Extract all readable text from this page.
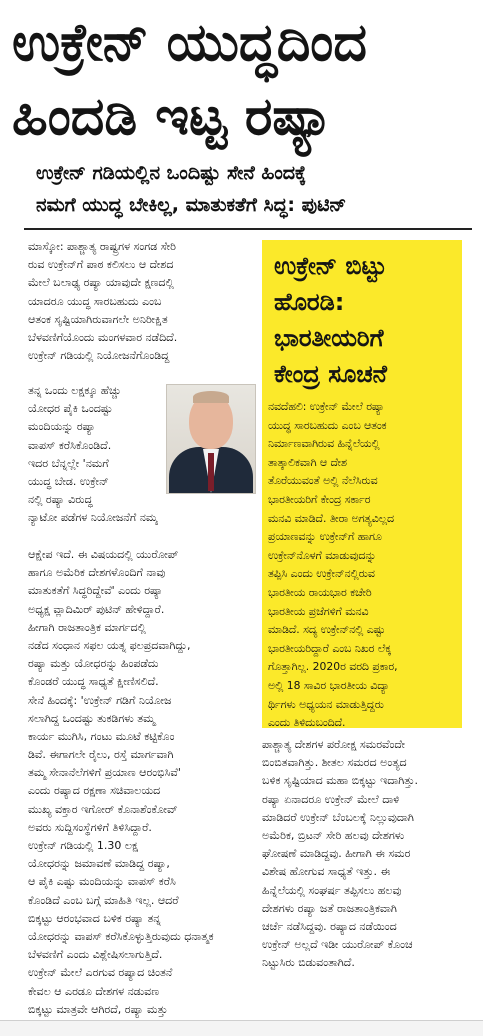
ಉಕ್ರೇನ್ ಯುದ್ಧದಿಂದ
ಹಿಂದಡಿ ಇಟ್ಟ ರಷ್ಯಾ
ಉಕ್ರೇನ್ ಗಡಿಯಲ್ಲಿನ ಒಂದಿಷ್ಟು ಸೇನೆ ಹಿಂದಕ್ಕೆ
ನಮಗೆ ಯುದ್ಧ ಬೇಕಿಲ್ಲ, ಮಾತುಕತೆಗೆ ಸಿದ್ಧ: ಪುಟಿನ್
ಮಾಸ್ಕೋ: ಪಾಶ್ಚಾತ್ಯ ರಾಷ್ಟ್ರಗಳ ಸಂಗಡ ಸೇರಿ
ರುವ ಉಕ್ರೇನ್‌ಗೆ ಪಾಠ ಕಲಿಸಲು ಆ ದೇಶದ
ಮೇಲೆ ಬಲಾಢ್ಯ ರಷ್ಯಾ ಯಾವುದೇ ಕ್ಷಣದಲ್ಲಿ
ಯಾದರೂ ಯುದ್ಧ ಸಾರಬಹುದು ಎಂಬ
ಆತಂಕ ಸೃಷ್ಟಿಯಾಗಿರುವಾಗಲೇ ಅನಿರೀಕ್ಷಿತ
ಬೆಳವಣಿಗೆಯೊಂದು ಮಂಗಳವಾರ ನಡೆದಿದೆ.
ಉಕ್ರೇನ್ ಗಡಿಯಲ್ಲಿ ನಿಯೋಜನೆಗೊಂಡಿದ್ದ
ತನ್ನ ಒಂದು ಲಕ್ಷಕ್ಕೂ ಹೆಚ್ಚು
ಯೋಧರ ಪೈಕಿ ಒಂದಷ್ಟು
ಮಂದಿಯನ್ನು ರಷ್ಯಾ
ವಾಪಸ್ ಕರೆಸಿಕೊಂಡಿದೆ.
ಇದರ ಬೆನ್ನಲ್ಲೇ 'ನಮಗೆ
ಯುದ್ಧ ಬೇಡ. ಉಕ್ರೇನ್
ನಲ್ಲಿ ರಷ್ಯಾ ವಿರುದ್ಧ
ನ್ಯಾಟೋ ಪಡೆಗಳ ನಿಯೋಜನೆಗೆ ನಮ್ಮ
ಆಕ್ಷೇಪ ಇದೆ. ಈ ವಿಷಯದಲ್ಲಿ ಯುರೋಪ್
ಹಾಗೂ ಅಮೆರಿಕ ದೇಶಗಳೊಂದಿಗೆ ನಾವು
ಮಾತುಕತೆಗೆ ಸಿದ್ಧರಿದ್ದೇವೆ' ಎಂದು ರಷ್ಯಾ
ಅಧ್ಯಕ್ಷ ವ್ಲಾದಿಮಿರ್ ಪುಟಿನ್ ಹೇಳಿದ್ದಾರೆ.
ಹೀಗಾಗಿ ರಾಜತಾಂತ್ರಿಕ ಮಾರ್ಗದಲ್ಲಿ
ನಡೆದ ಸಂಧಾನ ಸಫಲ ಯತ್ನ ಫಲಪ್ರದವಾಗಿದ್ದು,
ರಷ್ಯಾ ಮತ್ತು ಯೋಧರನ್ನು ಹಿಂಪಡೆದು
ಕೊಂಡರೆ ಯುದ್ಧ ಸಾಧ್ಯತೆ ಕ್ಷೀಣಿಸಲಿದೆ.
ಸೇನೆ ಹಿಂದಕ್ಕೆ: 'ಉಕ್ರೇನ್ ಗಡಿಗೆ ನಿಯೋಜ
ಸಲಾಗಿದ್ದ ಒಂದಷ್ಟು ತುಕಡಿಗಳು ತಮ್ಮ
ಕಾರ್ಯ ಮುಗಿಸಿ, ಗಂಟು ಮೂಟೆ ಕಟ್ಟಿಕೊಂ
ಡಿವೆ. ಈಗಾಗಲೇ ರೈಲು, ರಸ್ತೆ ಮಾರ್ಗವಾಗಿ
ತಮ್ಮ ಸೇನಾನೆಲೆಗಳಿಗೆ ಪ್ರಯಾಣ ಆರಂಭಿಸಿವೆ'
ಎಂದು ರಷ್ಯಾದ ರಕ್ಷಣಾ ಸಚಿವಾಲಯದ
ಮುಖ್ಯ ವಕ್ತಾರ ಇಗೋರ್ ಕೊನಾಶೆಂಕೋವ್
ಅವರು ಸುದ್ದಿಸಂಸ್ಥೆಗಳಿಗೆ ತಿಳಿಸಿದ್ದಾರೆ.
ಉಕ್ರೇನ್ ಗಡಿಯಲ್ಲಿ 1.30 ಲಕ್ಷ
ಯೋಧರನ್ನು ಜಮಾವಣೆ ಮಾಡಿದ್ದ ರಷ್ಯಾ,
ಆ ಪೈಕಿ ಎಷ್ಟು ಮಂದಿಯನ್ನು ವಾಪಸ್ ಕರೆಸಿ
ಕೊಂಡಿದೆ ಎಂಬ ಬಗ್ಗೆ ಮಾಹಿತಿ ಇಲ್ಲ. ಆದರೆ
ಬಿಕ್ಕಟ್ಟು ಆರಂಭವಾದ ಬಳಿಕ ರಷ್ಯಾ ತನ್ನ
ಯೋಧರನ್ನು ವಾಪಸ್ ಕರೆಸಿಕೊಳ್ಳುತ್ತಿರುವುದು ಧನಾತ್ಮಕ
ಬೆಳವಣಿಗೆ ಎಂದು ವಿಶ್ಲೇಷಿಸಲಾಗುತ್ತಿದೆ.
ಉಕ್ರೇನ್ ಮೇಲೆ ಎರಗುವ ರಷ್ಯಾದ ಚಿಂತನೆ
ಕೇವಲ ಆ ಎರಡೂ ದೇಶಗಳ ನಡುವಣ
ಬಿಕ್ಕಟ್ಟು ಮಾತ್ರವೇ ಆಗಿರದೆ, ರಷ್ಯಾ ಮತ್ತು
ಪಾಶ್ಚಾತ್ಯ ದೇಶಗಳ ಪರೋಕ್ಷ ಸಮರವೆಂದೇ
ಬಿಂಬಿತವಾಗಿತ್ತು. ಶೀತಲ ಸಮರದ ಅಂತ್ಯದ
ಬಳಿಕ ಸೃಷ್ಟಿಯಾದ ಮಹಾ ಬಿಕ್ಕಟ್ಟು ಇದಾಗಿತ್ತು.
ರಷ್ಯಾ ಏನಾದರೂ ಉಕ್ರೇನ್ ಮೇಲೆ ದಾಳಿ
ಮಾಡಿದರೆ ಉಕ್ರೇನ್ ಬೆಂಬಲಕ್ಕೆ ನಿಲ್ಲುವುದಾಗಿ
ಅಮೆರಿಕ, ಬ್ರಿಟನ್ ಸೇರಿ ಹಲವು ದೇಶಗಳು
ಘೋಷಣೆ ಮಾಡಿದ್ದವು. ಹೀಗಾಗಿ ಈ ಸಮರ
ವಿಶೇಷ ಹೋಗುವ ಸಾಧ್ಯತೆ ಇತ್ತು. ಈ
ಹಿನ್ನೆಲೆಯಲ್ಲಿ ಸಂಘರ್ಷ ತಪ್ಪಿಸಲು ಹಲವು
ದೇಶಗಳು ರಷ್ಯಾ ಜತೆ ರಾಜತಾಂತ್ರಿಕವಾಗಿ
ಚರ್ಚೆ ನಡೆಸಿದ್ದವು. ರಷ್ಯಾದ ನಡೆಯಿಂದ
ಉಕ್ರೇನ್ ಅಲ್ಲದೆ ಇಡೀ ಯುರೋಪ್ ಕೊಂಚ
ನಿಟ್ಟುಸಿರು ಬಿಡುವಂತಾಗಿದೆ.
ಉಕ್ರೇನ್ ಬಿಟ್ಟು
ಹೊರಡಿ:
ಭಾರತೀಯರಿಗೆ
ಕೇಂದ್ರ ಸೂಚನೆ
ನವದೆಹಲಿ: ಉಕ್ರೇನ್ ಮೇಲೆ ರಷ್ಯಾ
ಯುದ್ಧ ಸಾರಬಹುದು ಎಂಬ ಆತಂಕ
ನಿರ್ಮಾಣವಾಗಿರುವ ಹಿನ್ನೆಲೆಯಲ್ಲಿ
ತಾತ್ಕಾಲಿಕವಾಗಿ ಆ ದೇಶ
ತೊರೆಯುವಂತೆ ಅಲ್ಲಿ ನೆಲೆಸಿರುವ
ಭಾರತೀಯರಿಗೆ ಕೇಂದ್ರ ಸರ್ಕಾರ
ಮನವಿ ಮಾಡಿದೆ. ತೀರಾ ಅಗತ್ಯವಿಲ್ಲದ
ಪ್ರಯಾಣವನ್ನು ಉಕ್ರೇನ್‌ಗೆ ಹಾಗೂ
ಉಕ್ರೇನ್‌ನೊಳಗೆ ಮಾಡುವುದನ್ನು
ತಪ್ಪಿಸಿ ಎಂದು ಉಕ್ರೇನ್‌ನಲ್ಲಿರುವ
ಭಾರತೀಯ ರಾಯಭಾರ ಕಚೇರಿ
ಭಾರತೀಯ ಪ್ರಜೆಗಳಿಗೆ ಮನವಿ
ಮಾಡಿದೆ. ಸದ್ಯ ಉಕ್ರೇನ್‌ನಲ್ಲಿ ಎಷ್ಟು
ಭಾರತೀಯರಿದ್ದಾರೆ ಎಂಬ ನಿಖರ ಲೆಕ್ಕ
ಗೊತ್ತಾಗಿಲ್ಲ. 2020ರ ವರದಿ ಪ್ರಕಾರ,
ಅಲ್ಲಿ 18 ಸಾವಿರ ಭಾರತೀಯ ವಿದ್ಯಾ
ರ್ಥಿಗಳು ಅಧ್ಯಯನ ಮಾಡುತ್ತಿದ್ದರು
ಎಂದು ತಿಳಿದುಬಂದಿದೆ.
